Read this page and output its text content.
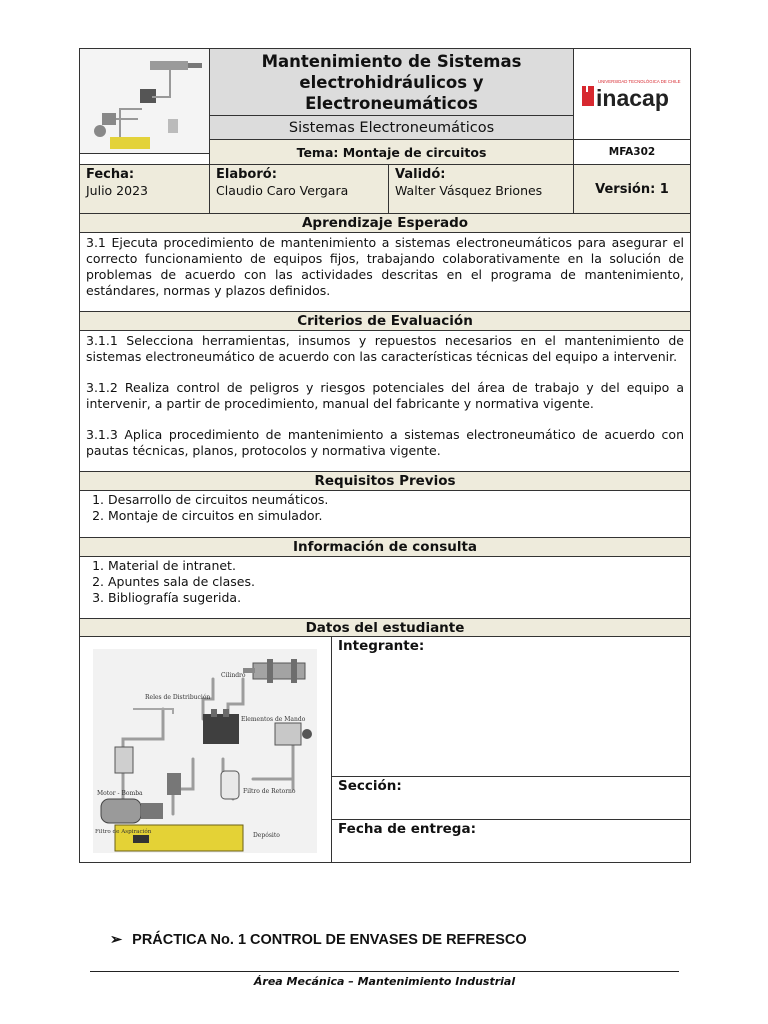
Mantenimiento de Sistemas electrohidráulicos y Electroneumáticos
Sistemas Electroneumáticos
UNIVERSIDAD TECNOLÓGICA DE CHILE
inacap
Tema: Montaje de circuitos	MFA302
Fecha:
Julio 2023
Elaboró:
Claudio Caro Vergara
Validó:
Walter Vásquez Briones	Versión: 1
Aprendizaje Esperado
3.1 Ejecuta procedimiento de mantenimiento a sistemas electroneumáticos para asegurar el correcto funcionamiento de equipos fijos, trabajando colaborativamente en la solución de problemas de acuerdo con las actividades descritas en el programa de mantenimiento, estándares, normas y plazos definidos.
Criterios de Evaluación

3.1.1 Selecciona herramientas, insumos y repuestos necesarios en el mantenimiento de sistemas electroneumático de acuerdo con las características técnicas del equipo a intervenir.

3.1.2 Realiza control de peligros y riesgos potenciales del área de trabajo y del equipo a intervenir, a partir de procedimiento, manual del fabricante y normativa vigente.

3.1.3 Aplica procedimiento de mantenimiento a sistemas electroneumático de acuerdo con pautas técnicas, planos, protocolos y normativa vigente.

Requisitos Previos
1. Desarrollo de circuitos neumáticos.
2. Montaje de circuitos en simulador.
Información de consulta
1. Material de intranet.
2. Apuntes sala de clases.
3. Bibliografía sugerida.
Datos del estudiante
Cilindro
Reles de Distribución
Elementos de Mando
Motor - Bomba	Filtro de Retorno
Filtro de Aspiración	Depósito
Integrante:
Sección:
Fecha de entrega:
➢ PRÁCTICA No. 1 CONTROL DE ENVASES DE REFRESCO
Área Mecánica – Mantenimiento Industrial
